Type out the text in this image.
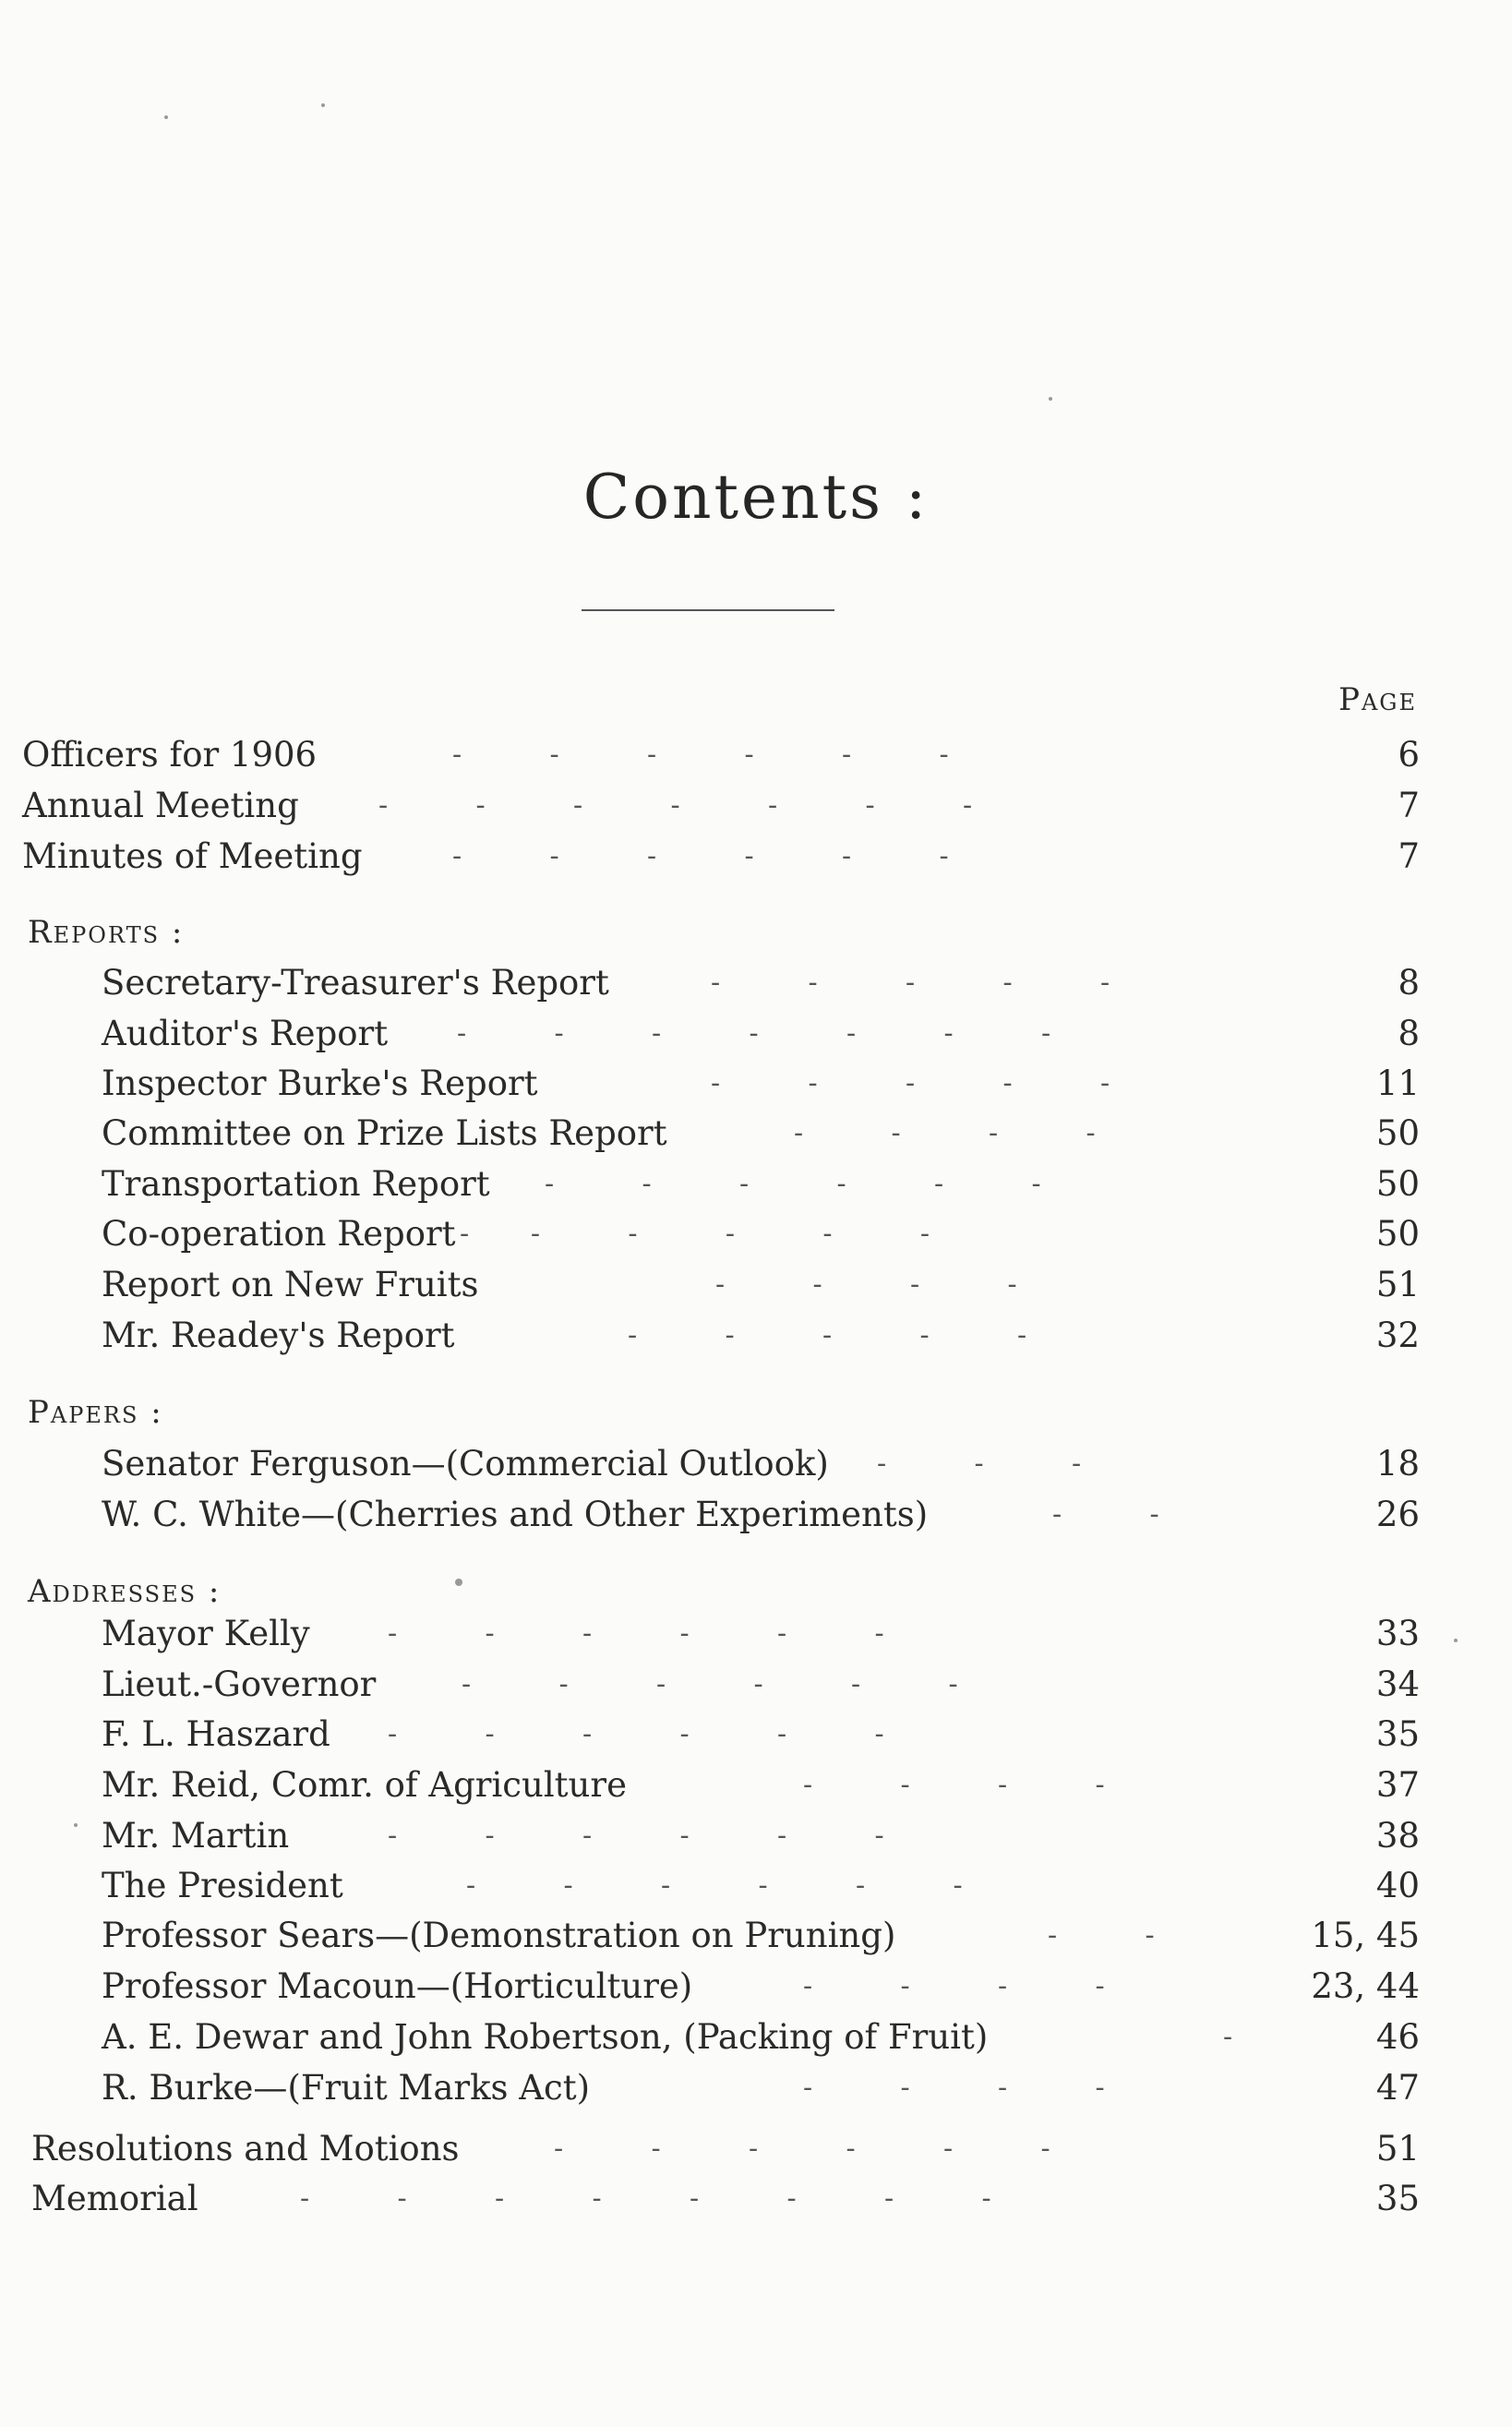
Contents :
Page
Officers for 1906	-          -          -          -          -          -	6
Annual Meeting	-          -          -          -          -          -          -	7
Minutes of Meeting	-          -          -          -          -          -	7
Reports :
Secretary-Treasurer's Report	-          -          -          -          -	8
Auditor's Report -          -          -          -          -          -          -	8
Inspector Burke's Report	-          -          -          -          -	11
Committee on Prize Lists Report	-          -          -          -	50
Transportation Report -          -          -          -          -          -	50
Co-operation Report -       -          -          -          -          -	50
Report on New Fruits	-          -          -          -	51
Mr. Readey's Report	-          -          -          -          -	32
Papers :
Senator Ferguson—(Commercial Outlook) -          -          -	18
W. C. White—(Cherries and Other Experiments)	-          -	26
Addresses :
Mayor Kelly	-          -          -          -          -          -	33
Lieut.-Governor	-          -          -          -          -          -	34
F. L. Haszard -          -          -          -          -          -	35
Mr. Reid, Comr. of Agriculture	-          -          -          -	37
Mr. Martin	-          -          -          -          -          -	38
The President	-          -          -          -          -          -	40
Professor Sears—(Demonstration on Pruning)	-          -	15, 45
Professor Macoun—(Horticulture)	-          -          -          -	23, 44
A. E. Dewar and John Robertson, (Packing of Fruit)	-	46
R. Burke—(Fruit Marks Act)	-          -          -          -	47
Resolutions and Motions	-          -          -          -          -          -	51
Memorial	-          -          -          -          -          -          -          -	35
